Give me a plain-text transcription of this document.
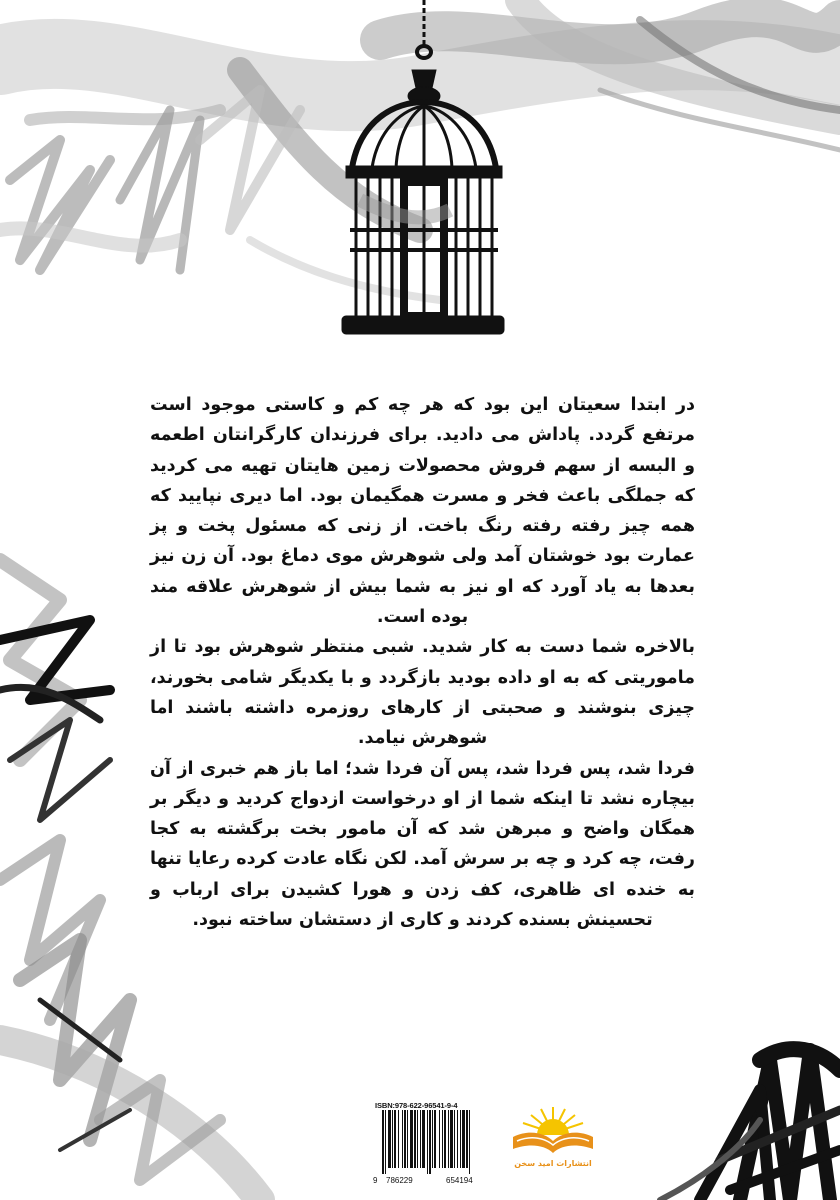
در ابتدا سعیتان این بود که هر چه کم و کاستی موجود است مرتفع گردد. پاداش می دادید. برای فرزندان کارگرانتان اطعمه و البسه از سهم فروش محصولات زمین هایتان تهیه می کردید که جملگی باعث فخر و مسرت همگیمان بود. اما دیری نپایید که همه چیز رفته رفته رنگ باخت. از زنی که مسئول پخت و پز عمارت بود خوشتان آمد ولی شوهرش موی دماغ بود. آن زن نیز بعدها به یاد آورد که او نیز به شما بیش از شوهرش علاقه مند بوده است.

بالاخره شما دست به کار شدید. شبی منتظر شوهرش بود تا از ماموریتی که به او داده بودید بازگردد و با یکدیگر شامی بخورند، چیزی بنوشند و صحبتی از کارهای روزمره داشته باشند اما شوهرش نیامد.

فردا شد، پس فردا شد، پس آن فردا شد؛ اما باز هم خبری از آن بیچاره نشد تا اینکه شما از او درخواست ازدواج کردید و دیگر بر همگان واضح و مبرهن شد که آن مامور بخت برگشته به کجا رفت، چه کرد و چه بر سرش آمد. لکن نگاه عادت کرده رعایا تنها به خنده ای ظاهری، کف زدن و هورا کشیدن برای ارباب و تحسینش بسنده کردند و کاری از دستشان ساخته نبود.

ISBN:978-622-96541-9-4
9 786229	654194
انتشارات امید سخن
